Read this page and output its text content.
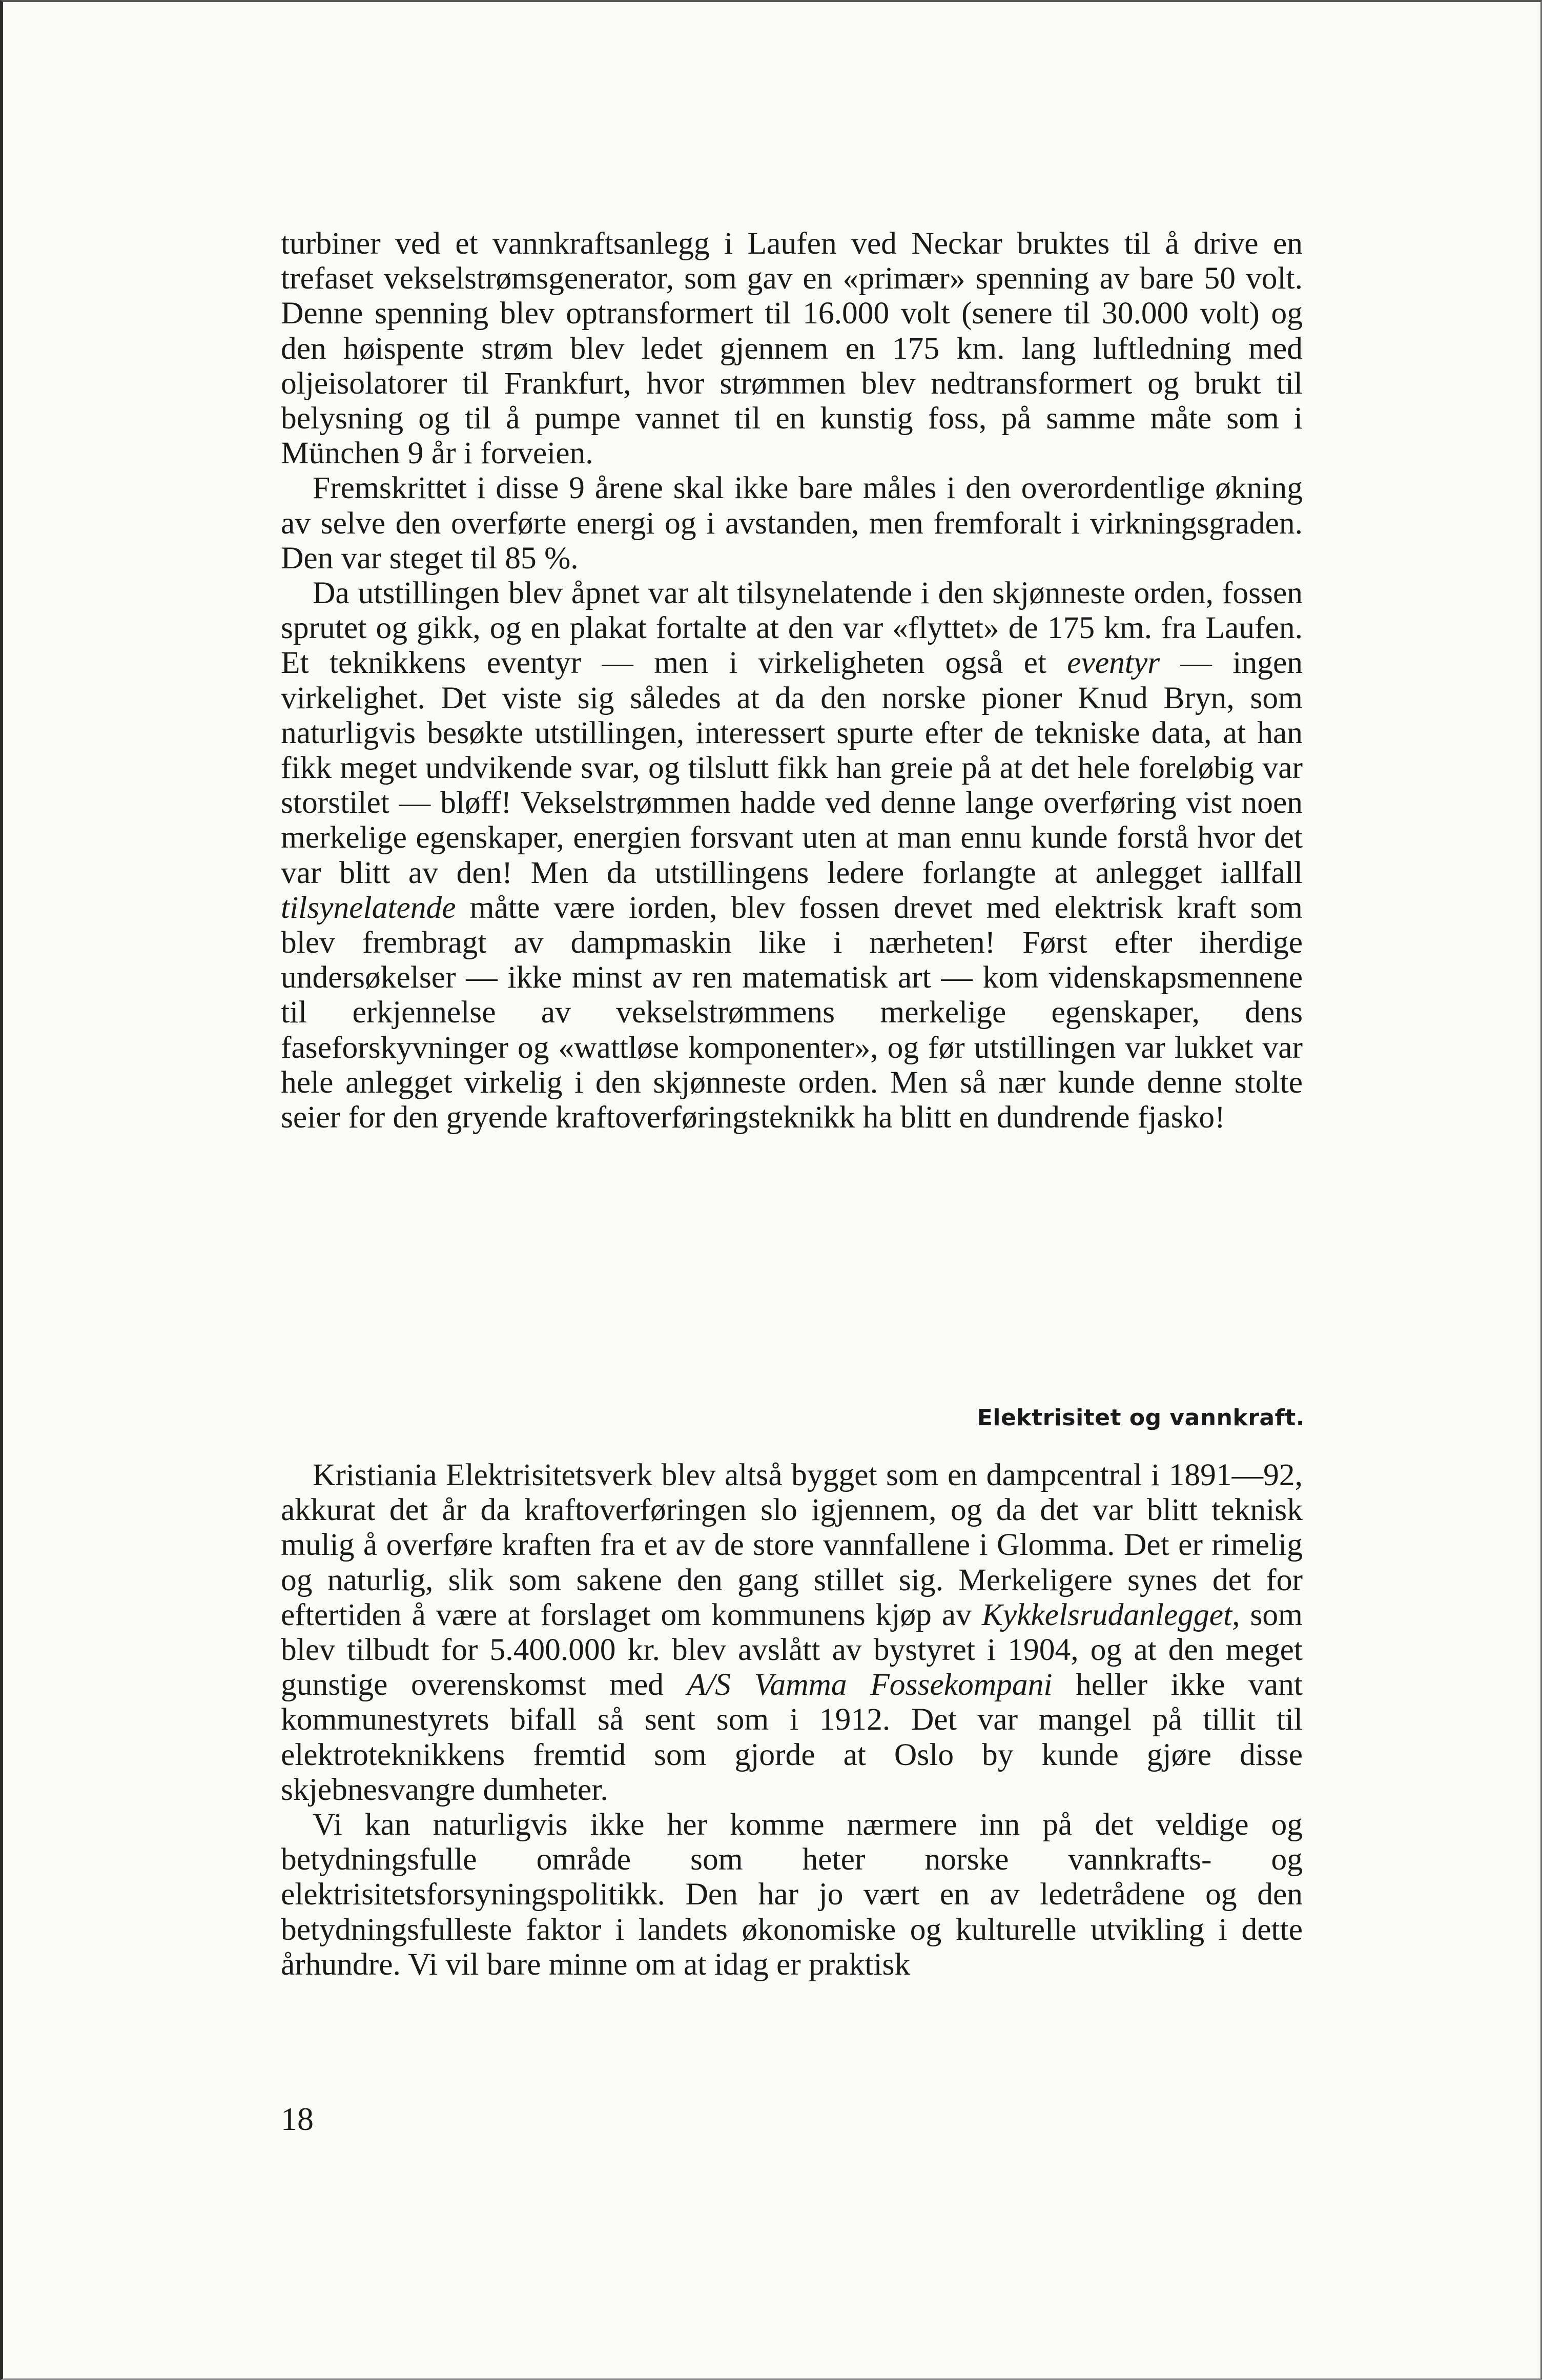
turbiner ved et vannkraftsanlegg i Laufen ved Neckar bruktes til å drive en trefaset vekselstrømsgenerator, som gav en «primær» spenning av bare 50 volt. Denne spenning blev optransformert til 16.000 volt (senere til 30.000 volt) og den høispente strøm blev ledet gjennem en 175 km. lang luftledning med oljeisolatorer til Frankfurt, hvor strømmen blev nedtransformert og brukt til belysning og til å pumpe vannet til en kunstig foss, på samme måte som i München 9 år i forveien.

Fremskrittet i disse 9 årene skal ikke bare måles i den overordentlige økning av selve den overførte energi og i avstanden, men fremforalt i virkningsgraden. Den var steget til 85 %.

Da utstillingen blev åpnet var alt tilsynelatende i den skjønneste orden, fossen sprutet og gikk, og en plakat fortalte at den var «flyttet» de 175 km. fra Laufen. Et teknikkens eventyr — men i virkeligheten også et eventyr — ingen virkelighet. Det viste sig således at da den norske pioner Knud Bryn, som naturligvis besøkte utstillingen, interessert spurte efter de tekniske data, at han fikk meget undvikende svar, og tilslutt fikk han greie på at det hele foreløbig var storstilet — bløff! Vekselstrømmen hadde ved denne lange overføring vist noen merkelige egenskaper, energien forsvant uten at man ennu kunde forstå hvor det var blitt av den! Men da utstillingens ledere forlangte at anlegget iallfall tilsynelatende måtte være iorden, blev fossen drevet med elektrisk kraft som blev frembragt av dampmaskin like i nærheten! Først efter iherdige undersøkelser — ikke minst av ren matematisk art — kom videnskapsmennene til erkjennelse av vekselstrømmens merkelige egenskaper, dens faseforskyvninger og «wattløse komponenter», og før utstillingen var lukket var hele anlegget virkelig i den skjønneste orden. Men så nær kunde denne stolte seier for den gryende kraftoverføringsteknikk ha blitt en dundrende fjasko!

Elektrisitet og vannkraft.

Kristiania Elektrisitetsverk blev altså bygget som en dampcentral i 1891—92, akkurat det år da kraftoverføringen slo igjennem, og da det var blitt teknisk mulig å overføre kraften fra et av de store vannfallene i Glomma. Det er rimelig og naturlig, slik som sakene den gang stillet sig. Merkeligere synes det for eftertiden å være at forslaget om kommunens kjøp av Kykkelsrudanlegget, som blev tilbudt for 5.400.000 kr. blev avslått av bystyret i 1904, og at den meget gunstige overenskomst med A/S Vamma Fossekompani heller ikke vant kommunestyrets bifall så sent som i 1912. Det var mangel på tillit til elektroteknikkens fremtid som gjorde at Oslo by kunde gjøre disse skjebnesvangre dumheter.

Vi kan naturligvis ikke her komme nærmere inn på det veldige og betydningsfulle område som heter norske vannkrafts- og elektrisitetsforsyningspolitikk. Den har jo vært en av ledetrådene og den betydningsfulleste faktor i landets økonomiske og kulturelle utvikling i dette århundre. Vi vil bare minne om at idag er praktisk

18
